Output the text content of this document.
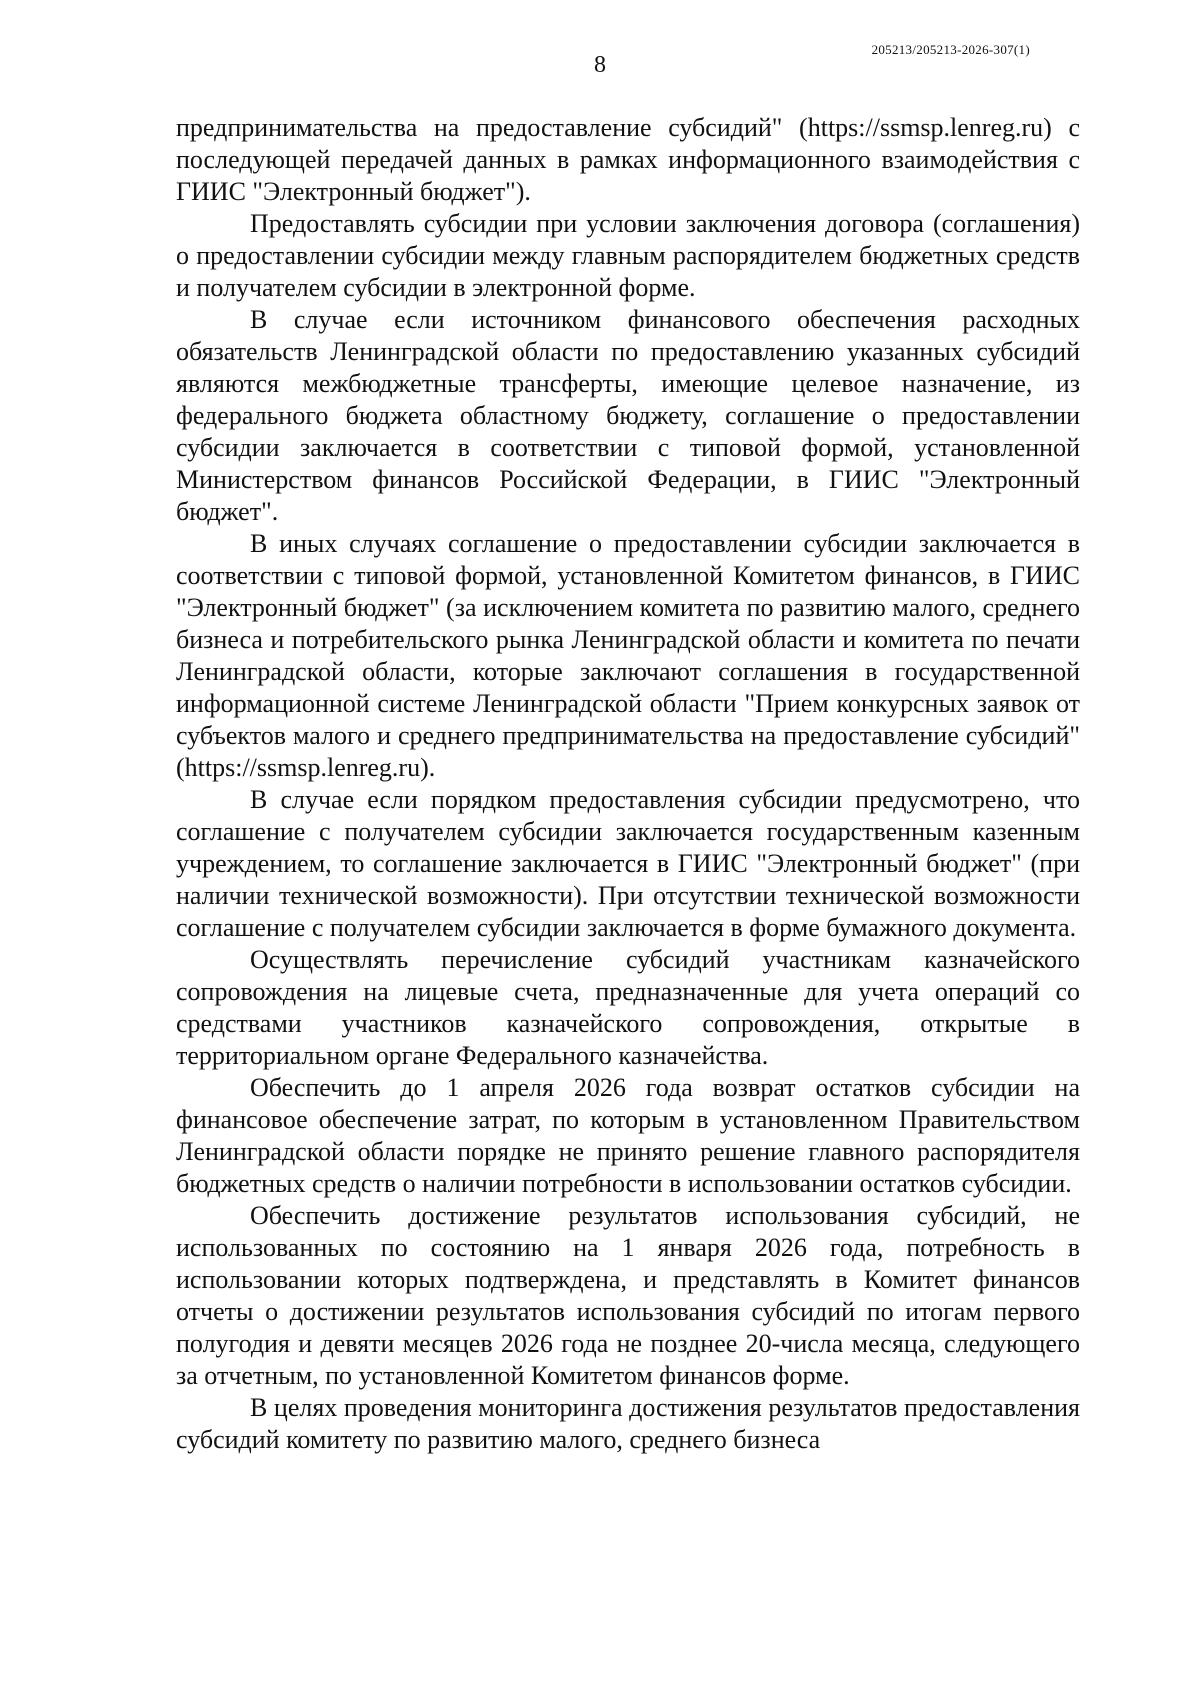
205213/205213-2026-307(1)
8

предпринимательства на предоставление субсидий" (https://ssmsp.lenreg.ru) с последующей передачей данных в рамках информационного взаимодействия с ГИИС "Электронный бюджет").

Предоставлять субсидии при условии заключения договора (соглашения) о предоставлении субсидии между главным распорядителем бюджетных средств и получателем субсидии в электронной форме.

В случае если источником финансового обеспечения расходных обязательств Ленинградской области по предоставлению указанных субсидий являются межбюджетные трансферты, имеющие целевое назначение, из федерального бюджета областному бюджету, соглашение о предоставлении субсидии заключается в соответствии с типовой формой, установленной Министерством финансов Российской Федерации, в ГИИС "Электронный бюджет".

В иных случаях соглашение о предоставлении субсидии заключается в соответствии с типовой формой, установленной Комитетом финансов, в ГИИС "Электронный бюджет" (за исключением комитета по развитию малого, среднего бизнеса и потребительского рынка Ленинградской области и комитета по печати Ленинградской области, которые заключают соглашения в государственной информационной системе Ленинградской области "Прием конкурсных заявок от субъектов малого и среднего предпринимательства на предоставление субсидий" (https://ssmsp.lenreg.ru).

В случае если порядком предоставления субсидии предусмотрено, что соглашение с получателем субсидии заключается государственным казенным учреждением, то соглашение заключается в ГИИС "Электронный бюджет" (при наличии технической возможности). При отсутствии технической возможности соглашение с получателем субсидии заключается в форме бумажного документа.

Осуществлять перечисление субсидий участникам казначейского сопровождения на лицевые счета, предназначенные для учета операций со средствами участников казначейского сопровождения, открытые в территориальном органе Федерального казначейства.

Обеспечить до 1 апреля 2026 года возврат остатков субсидии на финансовое обеспечение затрат, по которым в установленном Правительством Ленинградской области порядке не принято решение главного распорядителя бюджетных средств о наличии потребности в использовании остатков субсидии.

Обеспечить достижение результатов использования субсидий, не использованных по состоянию на 1 января 2026 года, потребность в использовании которых подтверждена, и представлять в Комитет финансов отчеты о достижении результатов использования субсидий по итогам первого полугодия и девяти месяцев 2026 года не позднее 20-числа месяца, следующего за отчетным, по установленной Комитетом финансов форме.

В целях проведения мониторинга достижения результатов предоставления субсидий комитету по развитию малого, среднего бизнеса
